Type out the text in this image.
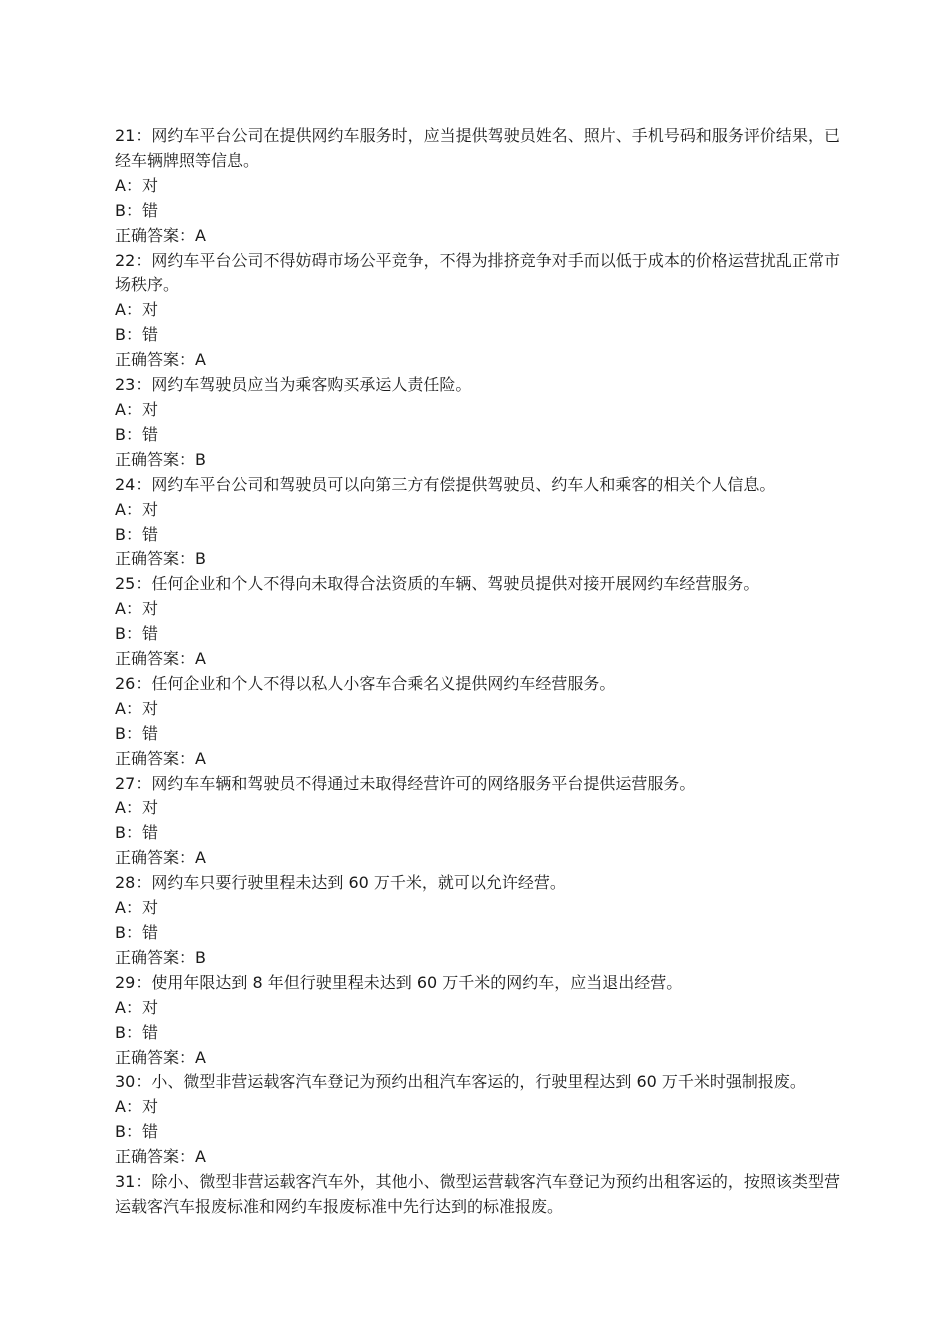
21：网约车平台公司在提供网约车服务时，应当提供驾驶员姓名、照片、手机号码和服务评价结果，已经车辆牌照等信息。
A：对
B：错
正确答案：A
22：网约车平台公司不得妨碍市场公平竞争，不得为排挤竞争对手而以低于成本的价格运营扰乱正常市场秩序。
A：对
B：错
正确答案：A
23：网约车驾驶员应当为乘客购买承运人责任险。
A：对
B：错
正确答案：B
24：网约车平台公司和驾驶员可以向第三方有偿提供驾驶员、约车人和乘客的相关个人信息。
A：对
B：错
正确答案：B
25：任何企业和个人不得向未取得合法资质的车辆、驾驶员提供对接开展网约车经营服务。
A：对
B：错
正确答案：A
26：任何企业和个人不得以私人小客车合乘名义提供网约车经营服务。
A：对
B：错
正确答案：A
27：网约车车辆和驾驶员不得通过未取得经营许可的网络服务平台提供运营服务。
A：对
B：错
正确答案：A
28：网约车只要行驶里程未达到 60 万千米，就可以允许经营。
A：对
B：错
正确答案：B
29：使用年限达到 8 年但行驶里程未达到 60 万千米的网约车，应当退出经营。
A：对
B：错
正确答案：A
30：小、微型非营运载客汽车登记为预约出租汽车客运的，行驶里程达到 60 万千米时强制报废。
A：对
B：错
正确答案：A
31：除小、微型非营运载客汽车外，其他小、微型运营载客汽车登记为预约出租客运的，按照该类型营运载客汽车报废标准和网约车报废标准中先行达到的标准报废。
